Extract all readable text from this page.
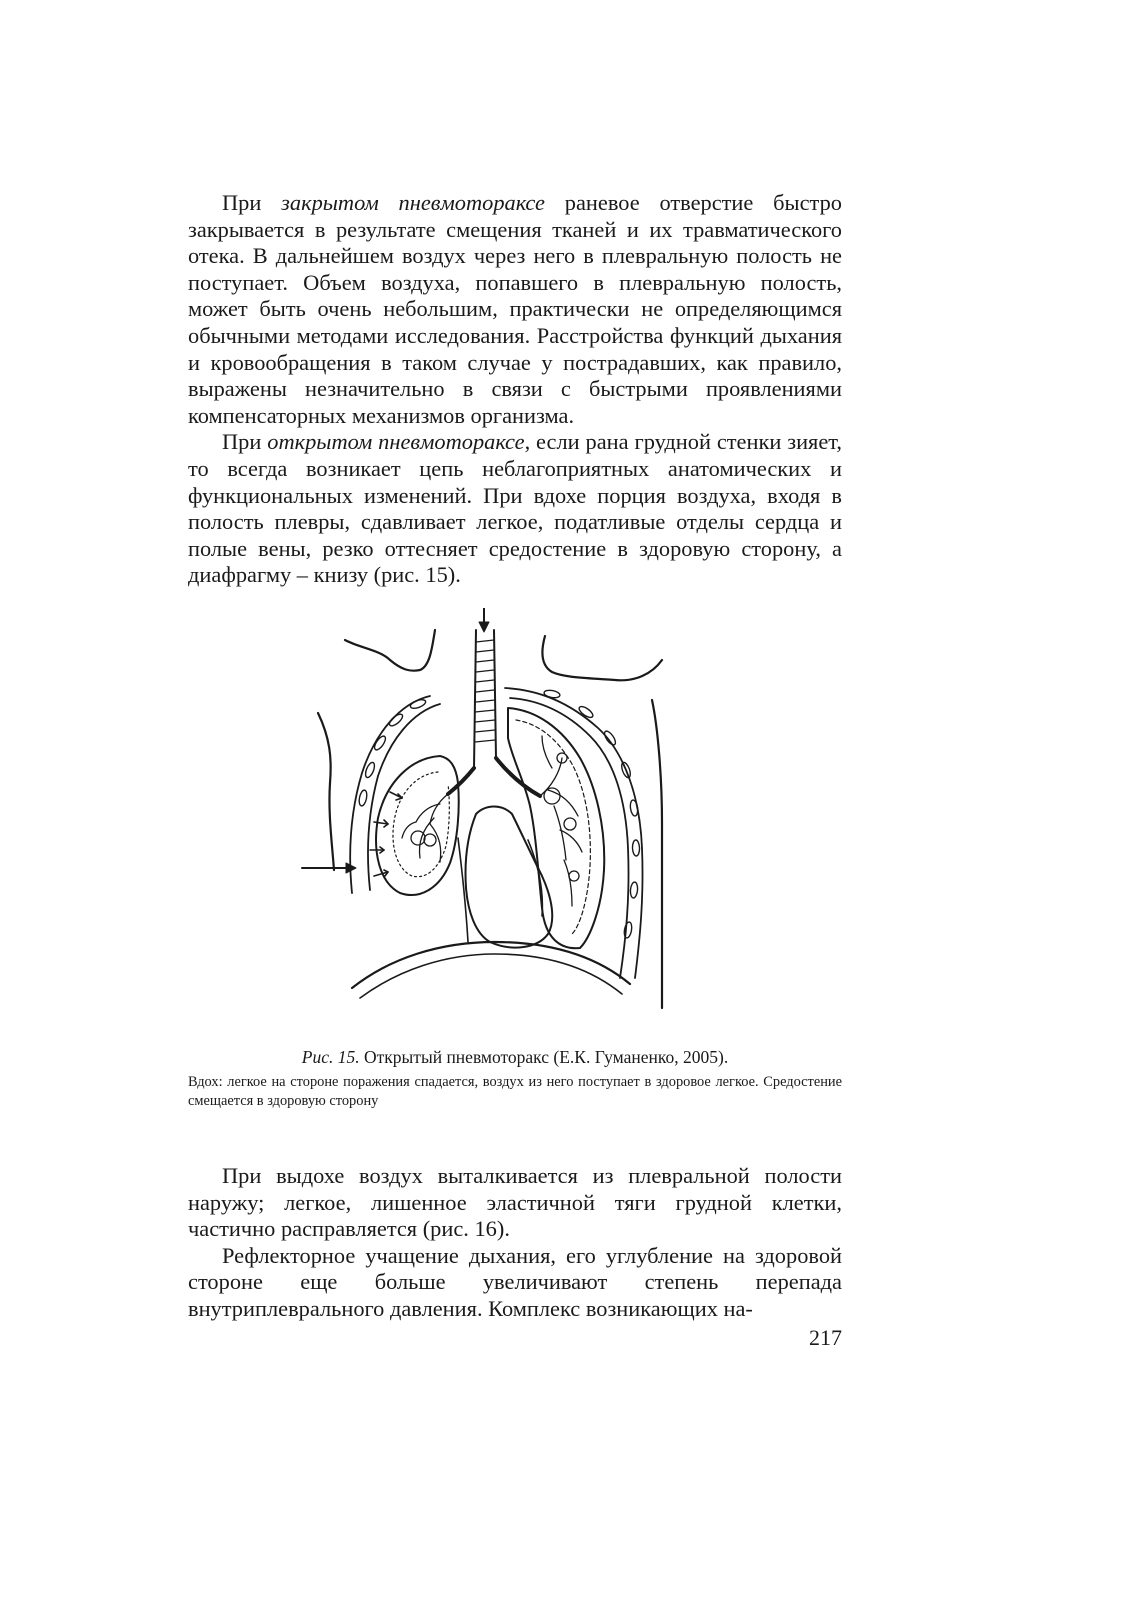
При закрытом пневмотораксе раневое отверстие быстро закрывается в результате смещения тканей и их травматического отека. В дальнейшем воздух через него в плевральную полость не поступает. Объем воздуха, попавшего в плевральную полость, может быть очень небольшим, практически не определяющимся обычными методами исследования. Расстройства функций дыхания и кровообращения в таком случае у пострадавших, как правило, выражены незначительно в связи с быстрыми проявлениями компенсаторных механизмов организма.

При открытом пневмотораксе, если рана грудной стенки зияет, то всегда возникает цепь неблагоприятных анатомических и функциональных изменений. При вдохе порция воздуха, входя в полость плевры, сдавливает легкое, податливые отделы сердца и полые вены, резко оттесняет средостение в здоровую сторону, а диафрагму – книзу (рис. 15).

Рис. 15. Открытый пневмоторакс (Е.К. Гуманенко, 2005).
Вдох: легкое на стороне поражения спадается, воздух из него поступает в здоровое легкое. Средостение смещается в здоровую сторону

При выдохе воздух выталкивается из плевральной полости наружу; легкое, лишенное эластичной тяги грудной клетки, частично расправляется (рис. 16).

Рефлекторное учащение дыхания, его углубление на здоровой стороне еще больше увеличивают степень перепада внутриплеврального давления. Комплекс возникающих на-

217
